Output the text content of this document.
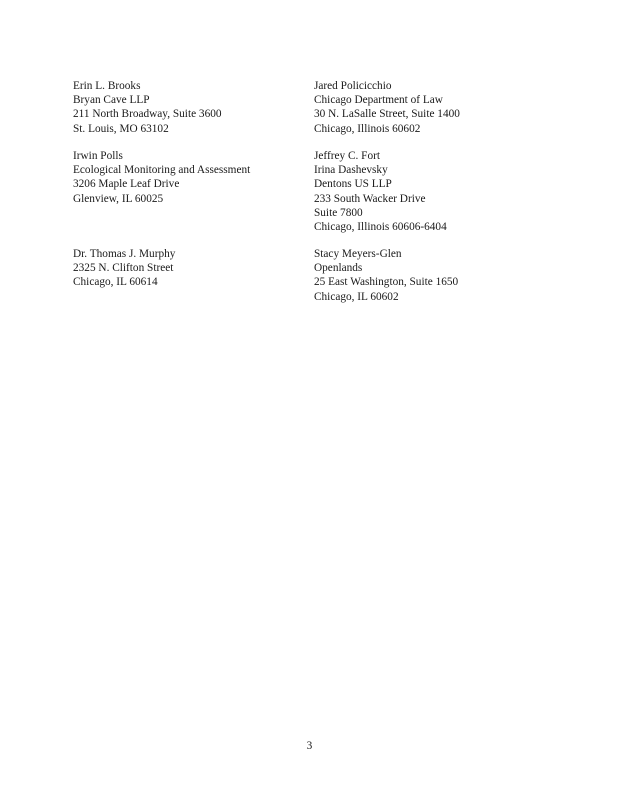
Erin L. Brooks
Bryan Cave LLP
211 North Broadway, Suite 3600
St. Louis, MO 63102
Jared Policicchio
Chicago Department of Law
30 N. LaSalle Street, Suite 1400
Chicago, Illinois 60602
Irwin Polls
Ecological Monitoring and Assessment
3206 Maple Leaf Drive
Glenview, IL 60025
Jeffrey C. Fort
Irina Dashevsky
Dentons US LLP
233 South Wacker Drive
Suite 7800
Chicago, Illinois 60606-6404
Dr. Thomas J. Murphy
2325 N. Clifton Street
Chicago, IL 60614
Stacy Meyers-Glen
Openlands
25 East Washington, Suite 1650
Chicago, IL 60602
3
